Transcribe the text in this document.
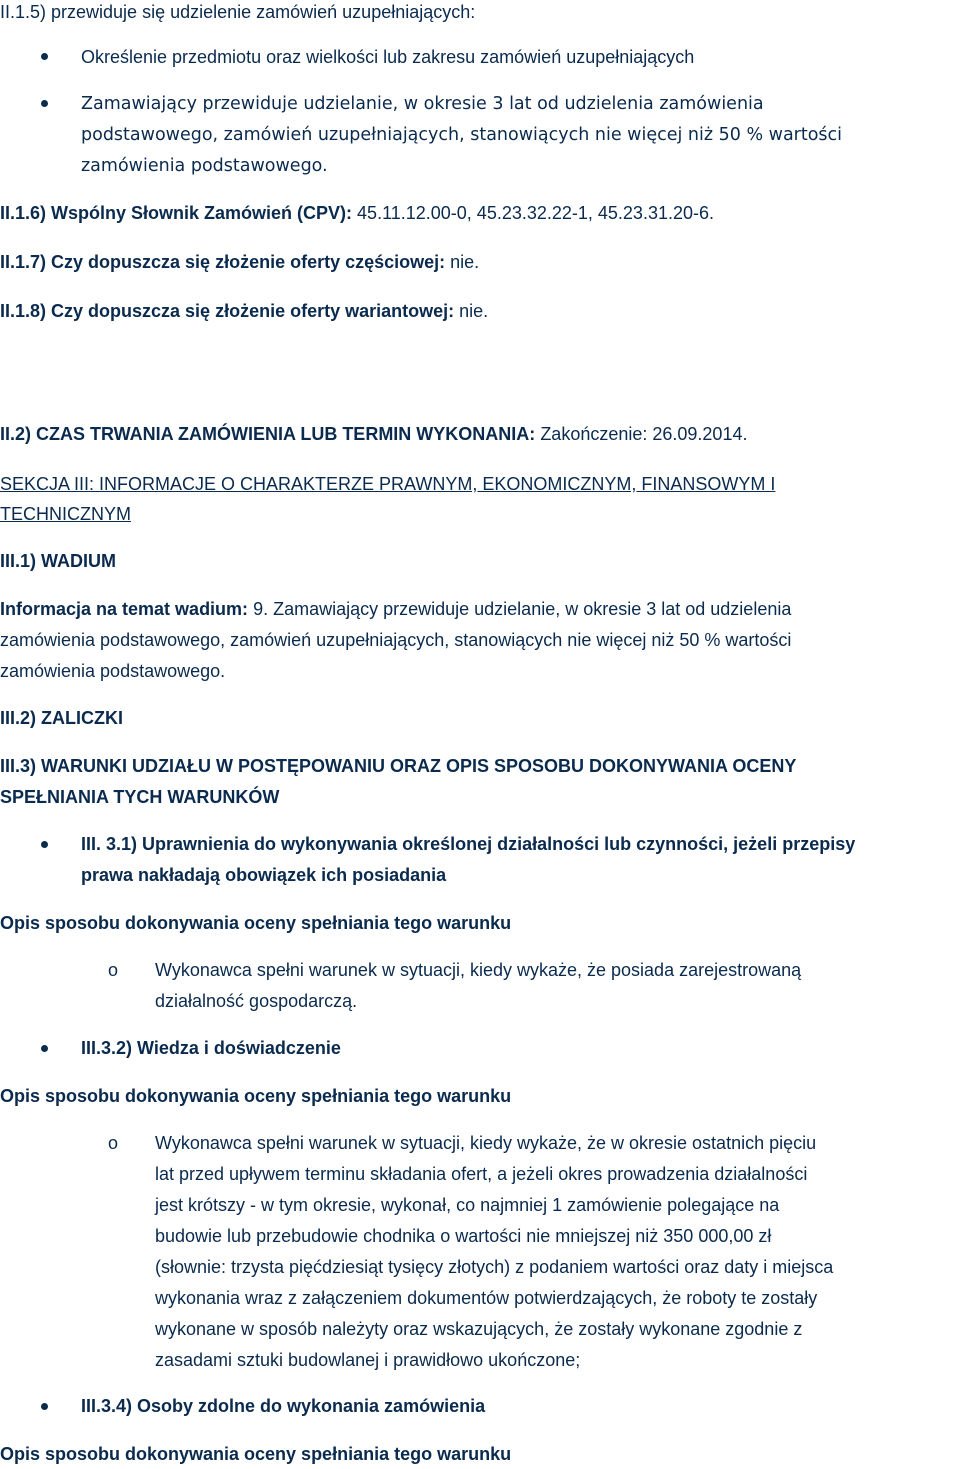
II.1.5) przewiduje się udzielenie zamówień uzupełniających:
Określenie przedmiotu oraz wielkości lub zakresu zamówień uzupełniających
Zamawiający przewiduje udzielanie, w okresie 3 lat od udzielenia zamówienia
podstawowego, zamówień uzupełniających, stanowiących nie więcej niż 50 % wartości
zamówienia podstawowego.
II.1.6) Wspólny Słownik Zamówień (CPV): 45.11.12.00-0, 45.23.32.22-1, 45.23.31.20-6.
II.1.7) Czy dopuszcza się złożenie oferty częściowej: nie.
II.1.8) Czy dopuszcza się złożenie oferty wariantowej: nie.
II.2) CZAS TRWANIA ZAMÓWIENIA LUB TERMIN WYKONANIA: Zakończenie: 26.09.2014.
SEKCJA III: INFORMACJE O CHARAKTERZE PRAWNYM, EKONOMICZNYM, FINANSOWYM I
TECHNICZNYM
III.1) WADIUM
Informacja na temat wadium: 9. Zamawiający przewiduje udzielanie, w okresie 3 lat od udzielenia
zamówienia podstawowego, zamówień uzupełniających, stanowiących nie więcej niż 50 % wartości
zamówienia podstawowego.
III.2) ZALICZKI
III.3) WARUNKI UDZIAŁU W POSTĘPOWANIU ORAZ OPIS SPOSOBU DOKONYWANIA OCENY
SPEŁNIANIA TYCH WARUNKÓW
III. 3.1) Uprawnienia do wykonywania określonej działalności lub czynności, jeżeli przepisy
prawa nakładają obowiązek ich posiadania
Opis sposobu dokonywania oceny spełniania tego warunku
o Wykonawca spełni warunek w sytuacji, kiedy wykaże, że posiada zarejestrowaną
działalność gospodarczą.
III.3.2) Wiedza i doświadczenie
Opis sposobu dokonywania oceny spełniania tego warunku
o Wykonawca spełni warunek w sytuacji, kiedy wykaże, że w okresie ostatnich pięciu
lat przed upływem terminu składania ofert, a jeżeli okres prowadzenia działalności
jest krótszy - w tym okresie, wykonał, co najmniej 1 zamówienie polegające na
budowie lub przebudowie chodnika o wartości nie mniejszej niż 350 000,00 zł
(słownie: trzysta pięćdziesiąt tysięcy złotych) z podaniem wartości oraz daty i miejsca
wykonania wraz z załączeniem dokumentów potwierdzających, że roboty te zostały
wykonane w sposób należyty oraz wskazujących, że zostały wykonane zgodnie z
zasadami sztuki budowlanej i prawidłowo ukończone;
III.3.4) Osoby zdolne do wykonania zamówienia
Opis sposobu dokonywania oceny spełniania tego warunku
